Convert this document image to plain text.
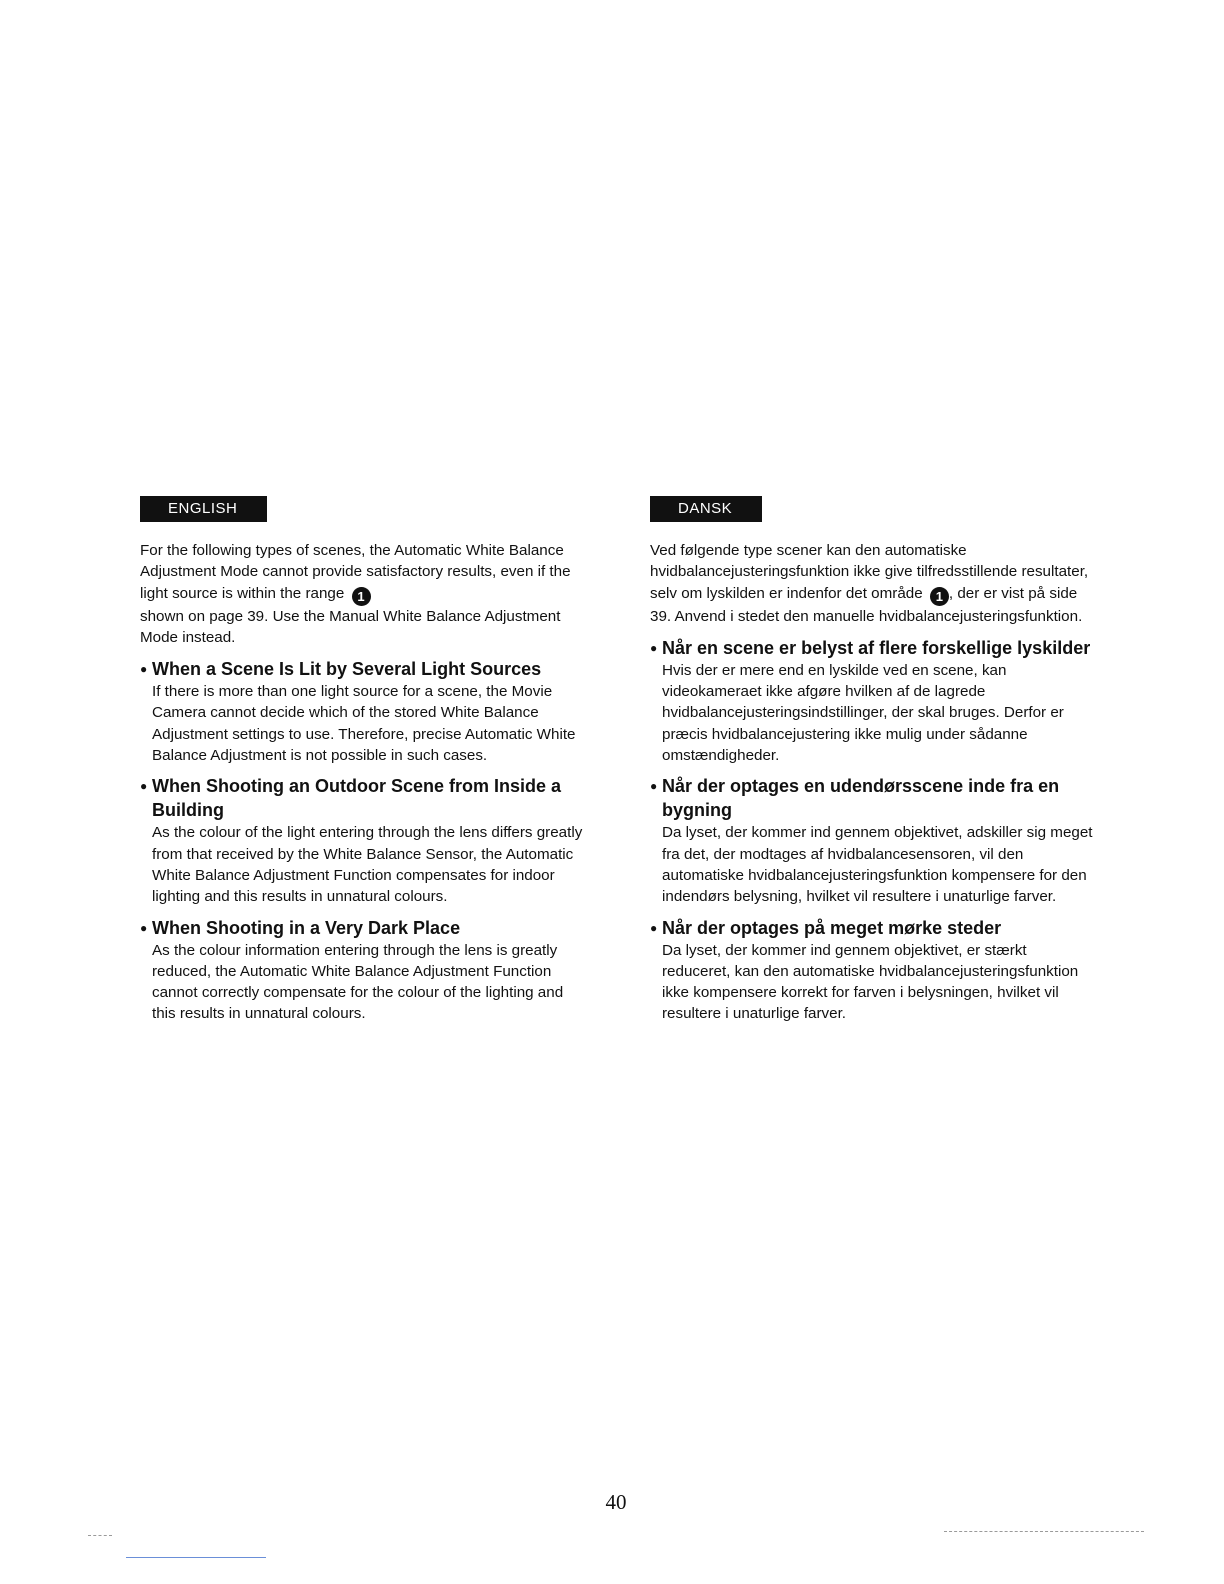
ENGLISH

For the following types of scenes, the Automatic White Balance Adjustment Mode cannot provide satisfactory results, even if the light source is within the range 1
shown on page 39. Use the Manual White Balance Adjustment Mode instead.

● When a Scene Is Lit by Several Light Sources

If there is more than one light source for a scene, the Movie Camera cannot decide which of the stored White Balance Adjustment settings to use. Therefore, precise Automatic White Balance Adjustment is not possible in such cases.

● When Shooting an Outdoor Scene from Inside a Building

As the colour of the light entering through the lens differs greatly from that received by the White Balance Sensor, the Automatic White Balance Adjustment Function compensates for indoor lighting and this results in unnatural colours.

● When Shooting in a Very Dark Place

As the colour information entering through the lens is greatly reduced, the Automatic White Balance Adjustment Function cannot correctly compensate for the colour of the lighting and this results in unnatural colours.

DANSK

Ved følgende type scener kan den automatiske hvidbalancejusteringsfunktion ikke give tilfredsstillende resultater, selv om lyskilden er indenfor det område 1 , der er vist på side 39. Anvend i stedet den manuelle hvidbalancejusteringsfunktion.

● Når en scene er belyst af flere forskellige lyskilder

Hvis der er mere end en lyskilde ved en scene, kan videokameraet ikke afgøre hvilken af de lagrede hvidbalancejusteringsindstillinger, der skal bruges. Derfor er præcis hvidbalancejustering ikke mulig under sådanne omstændigheder.

● Når der optages en udendørsscene inde fra en bygning

Da lyset, der kommer ind gennem objektivet, adskiller sig meget fra det, der modtages af hvidbalancesensoren, vil den automatiske hvidbalancejusteringsfunktion kompensere for den indendørs belysning, hvilket vil resultere i unaturlige farver.

● Når der optages på meget mørke steder

Da lyset, der kommer ind gennem objektivet, er stærkt reduceret, kan den automatiske hvidbalancejusteringsfunktion ikke kompensere korrekt for farven i belysningen, hvilket vil resultere i unaturlige farver.

40
